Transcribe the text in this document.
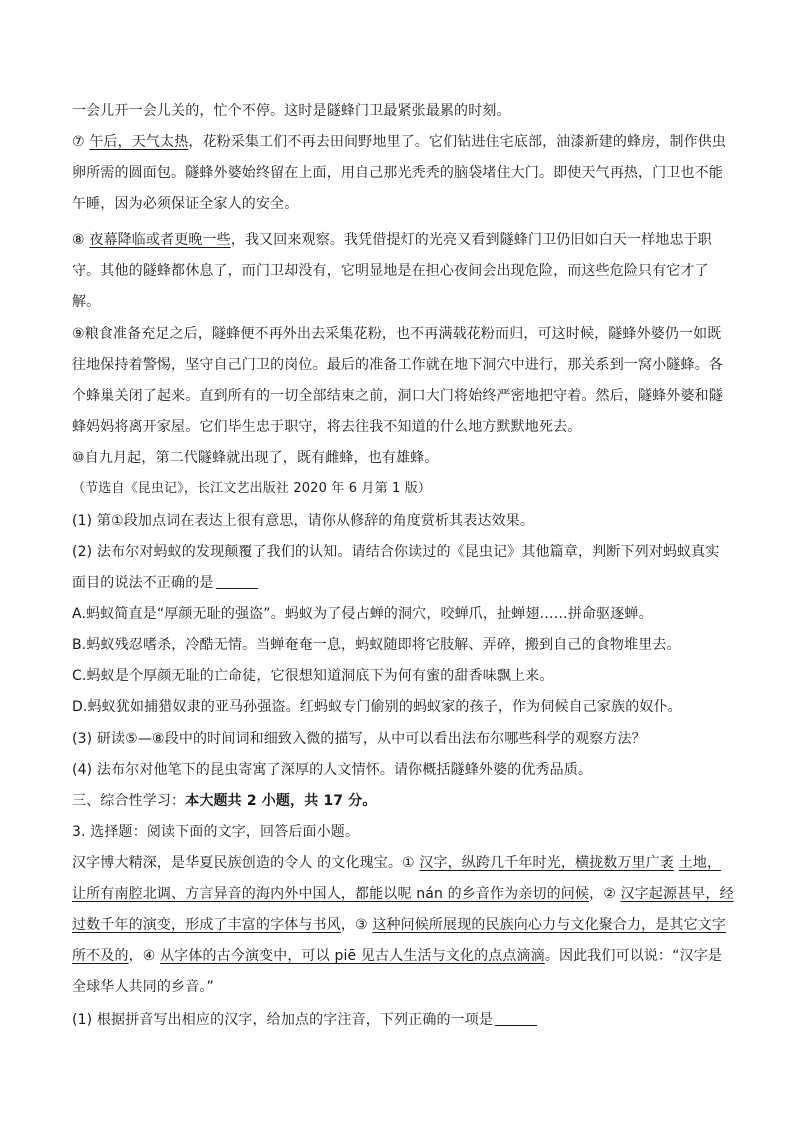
一会儿开一会儿关的，忙个不停。这时是隧蜂门卫最紧张最累的时刻。
⑦ 午后，天气太热，花粉采集工们不再去田间野地里了。它们钻进住宅底部，油漆新建的蜂房，制作供虫
卵所需的圆面包。隧蜂外婆始终留在上面，用自己那光秃秃的脑袋堵住大门。即使天气再热，门卫也不能
午睡，因为必须保证全家人的安全。
⑧ 夜幕降临或者更晚一些，我又回来观察。我凭借提灯的光亮又看到隧蜂门卫仍旧如白天一样地忠于职
守。其他的隧蜂都休息了，而门卫却没有，它明显地是在担心夜间会出现危险，而这些危险只有它才了
解。
⑨粮食准备充足之后，隧蜂便不再外出去采集花粉，也不再满载花粉而归，可这时候，隧蜂外婆仍一如既
往地保持着警惕，坚守自己门卫的岗位。最后的准备工作就在地下洞穴中进行，那关系到一窝小隧蜂。各
个蜂巢关闭了起来。直到所有的一切全部结束之前，洞口大门将始终严密地把守着。然后，隧蜂外婆和隧
蜂妈妈将离开家屋。它们毕生忠于职守，将去往我不知道的什么地方默默地死去。
⑩自九月起，第二代隧蜂就出现了，既有雌蜂，也有雄蜂。
（节选自《昆虫记》，长江文艺出版社 2020 年 6 月第 1 版）
(1) 第①段加点词在表达上很有意思，请你从修辞的角度赏析其表达效果。
(2) 法布尔对蚂蚁的发现颠覆了我们的认知。请结合你读过的《昆虫记》其他篇章，判断下列对蚂蚁真实
面目的说法不正确的是
A.蚂蚁简直是“厚颜无耻的强盗”。蚂蚁为了侵占蝉的洞穴，咬蝉爪，扯蝉翅……拼命驱逐蝉。
B.蚂蚁残忍嗜杀，冷酷无情。当蝉奄奄一息，蚂蚁随即将它肢解、弄碎，搬到自己的食物堆里去。
C.蚂蚁是个厚颜无耻的亡命徒，它很想知道洞底下为何有蜜的甜香味飘上来。
D.蚂蚁犹如捕猎奴隶的亚马孙强盗。红蚂蚁专门偷别的蚂蚁家的孩子，作为伺候自己家族的奴仆。
(3) 研读⑤—⑧段中的时间词和细致入微的描写，从中可以看出法布尔哪些科学的观察方法？
(4) 法布尔对他笔下的昆虫寄寓了深厚的人文情怀。请你概括隧蜂外婆的优秀品质。
三、综合性学习：本大题共 2 小题，共 17 分。
3. 选择题：阅读下面的文字，回答后面小题。
汉字博大精深，是华夏民族创造的令人 的文化瑰宝。① 汉字，纵跨几千年时光，横拢数万里广袤 土地，
让所有南腔北调、方言异音的海内外中国人，都能以呢 nán 的乡音作为亲切的问候，② 汉字起源甚早，经
过数千年的演变，形成了丰富的字体与书风，③ 这种问候所展现的民族向心力与文化聚合力，是其它文字
所不及的，④ 从字体的古今演变中，可以 piē 见古人生活与文化的点点滴滴。因此我们可以说：“汉字是
全球华人共同的乡音。”
(1) 根据拼音写出相应的汉字，给加点的字注音，下列正确的一项是
